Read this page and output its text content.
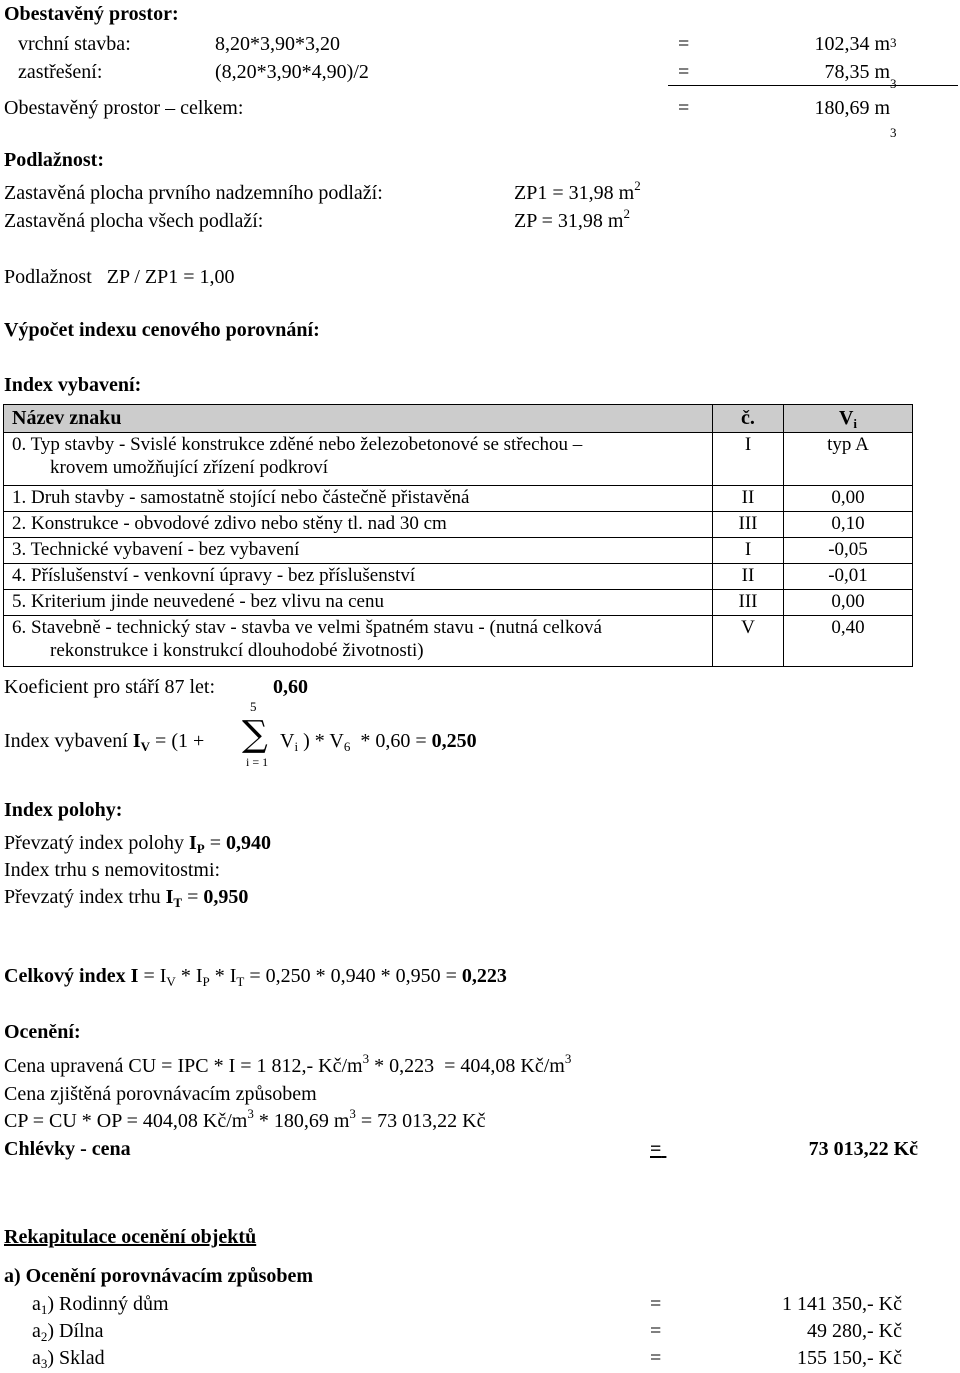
Obestavěný prostor:
vrchní stavba:	8,20*3,90*3,20	=	102,34 m 3
zastřešení:	(8,20*3,90*4,90)/2	=	78,35 m
3
Obestavěný prostor – celkem:	=	180,69 m
3
Podlažnost:
Zastavěná plocha prvního nadzemního podlaží:	ZP1 = 31,98 $m^2$
Zastavěná plocha všech podlaží:	ZP = 31,98 $m^2$
Podlažnost   ZP / ZP1 = 1,00
Výpočet indexu cenového porovnání:
Index vybavení:
Název znaku	č.	$V_i$
0. Typ stavby - Svislé konstrukce zděné nebo železobetonové se střechou –
krovem umožňující zřízení podkroví	I	typ A
1. Druh stavby - samostatně stojící nebo částečně přistavěná	II	0,00
2. Konstrukce - obvodové zdivo nebo stěny tl. nad 30 cm	III	0,10
3. Technické vybavení - bez vybavení	I	-0,05
4. Příslušenství - venkovní úpravy - bez příslušenství	II	-0,01
5. Kriterium jinde neuvedené - bez vlivu na cenu	III	0,00
6. Stavebně - technický stav - stavba ve velmi špatném stavu - (nutná celková
rekonstrukce i konstrukcí dlouhodobé životnosti)	V	0,40
Koeficient pro stáří 87 let:	0,60
5
Index vybavení $I_V = (1$ + ∑ $V_i$ ) * $V_6 * 0,60 = 0,250$
i = 1
Index polohy:
Převzatý index polohy $I_P = 0,940$
Index trhu s nemovitostmi:
Převzatý index trhu $I_T = 0,950$
Celkový index $I = I_V * I_P * I_T = 0,250 * 0,940 * 0,950 = 0,223$
Ocenění:
Cena upravená CU = IPC * I = 1 812,- $Kč/m^3 * 0,223 = 404,08$ $Kč/m^3$
Cena zjištěná porovnávacím způsobem
CP = CU * OP = 404,08 $Kč/m^3 * 180,69$ $m^3 = 73$ 013,22 Kč
Chlévky - cena	=	73 013,22 Kč

Rekapitulace ocenění objektů
a) Ocenění porovnávacím způsobem
$a_1$) Rodinný dům	=	1 141 350,- Kč
$a_2$) Dílna	=	49 280,- Kč
$a_3$) Sklad	=	155 150,- Kč
